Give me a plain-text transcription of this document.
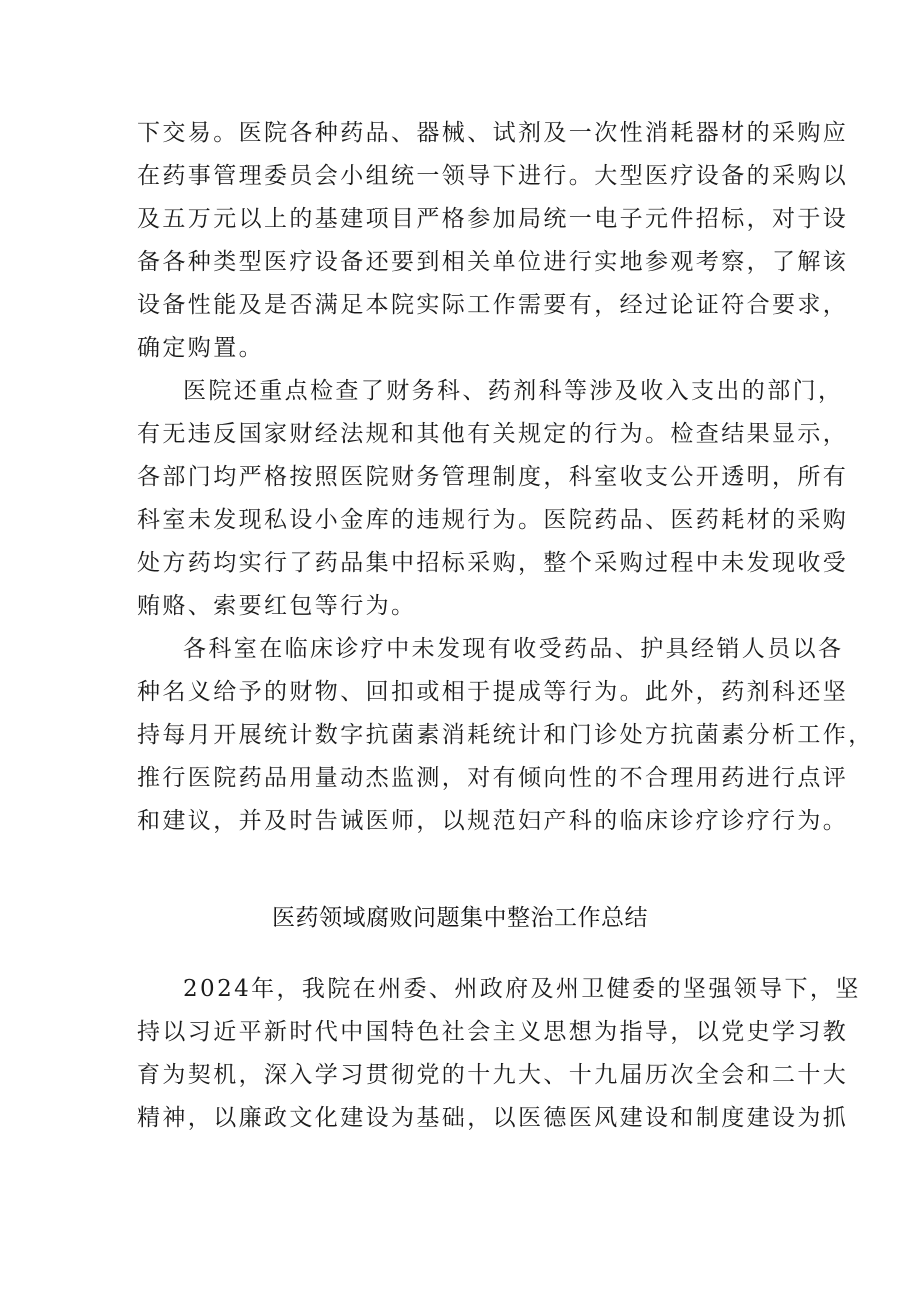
下交易。医院各种药品、器械、试剂及一次性消耗器材的采购应
在药事管理委员会小组统一领导下进行。大型医疗设备的采购以
及五万元以上的基建项目严格参加局统一电子元件招标，对于设
备各种类型医疗设备还要到相关单位进行实地参观考察，了解该
设备性能及是否满足本院实际工作需要有，经过论证符合要求，
确定购置。
医院还重点检查了财务科、药剂科等涉及收入支出的部门，
有无违反国家财经法规和其他有关规定的行为。检查结果显示，
各部门均严格按照医院财务管理制度，科室收支公开透明，所有
科室未发现私设小金库的违规行为。医院药品、医药耗材的采购
处方药均实行了药品集中招标采购，整个采购过程中未发现收受
贿赂、索要红包等行为。
各科室在临床诊疗中未发现有收受药品、护具经销人员以各
种名义给予的财物、回扣或相于提成等行为。此外，药剂科还坚
持每月开展统计数字抗菌素消耗统计和门诊处方抗菌素分析工作，
推行医院药品用量动杰监测，对有倾向性的不合理用药进行点评
和建议，并及时告诫医师，以规范妇产科的临床诊疗诊疗行为。
医药领域腐败问题集中整治工作总结
2024年，我院在州委、州政府及州卫健委的坚强领导下，坚
持以习近平新时代中国特色社会主义思想为指导，以党史学习教
育为契机，深入学习贯彻党的十九大、十九届历次全会和二十大
精神，以廉政文化建设为基础，以医德医风建设和制度建设为抓
